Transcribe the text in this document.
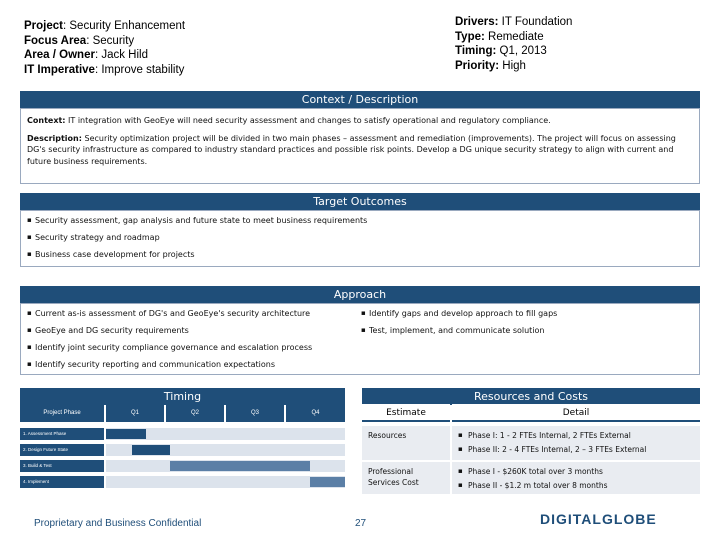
Project: Security Enhancement
Focus Area: Security
Area / Owner: Jack Hild
IT Imperative: Improve stability
Drivers: IT Foundation
Type: Remediate
Timing: Q1, 2013
Priority: High
Context / Description

Context: IT integration with GeoEye will need security assessment and changes to satisfy operational and regulatory compliance.

Description: Security optimization project will be divided in two main phases – assessment and remediation (improvements). The project will focus on assessing DG's security infrastructure as compared to industry standard practices and possible risk points. Develop a DG unique security strategy to align with current and future business requirements.

Target Outcomes
▪ Security assessment, gap analysis and future state to meet business requirements
▪ Security strategy and roadmap
▪ Business case development for projects
Approach
▪ Current as-is assessment of DG's and GeoEye's security architecture
▪ GeoEye and DG security requirements
▪ Identify joint security compliance governance and escalation process
▪ Identify security reporting and communication expectations
▪ Identify gaps and develop approach to fill gaps
▪ Test, implement, and communicate solution
Timing
Project Phase	Q1	Q2	Q3	Q4
1. Assessment Phase
2. Design Future State
3. Build & Test
4. Implement
Resources and Costs
Estimate	Detail
Resources
▪	Phase I: 1 - 2 FTEs Internal, 2 FTEs External
▪ Phase II: 2 - 4 FTEs Internal, 2 – 3 FTEs External
Professional Services Cost
▪ Phase I - $260K total over 3 months
▪ Phase II - $1.2 m total over 8 months
Proprietary and Business Confidential	27	DIGITALGLOBE
